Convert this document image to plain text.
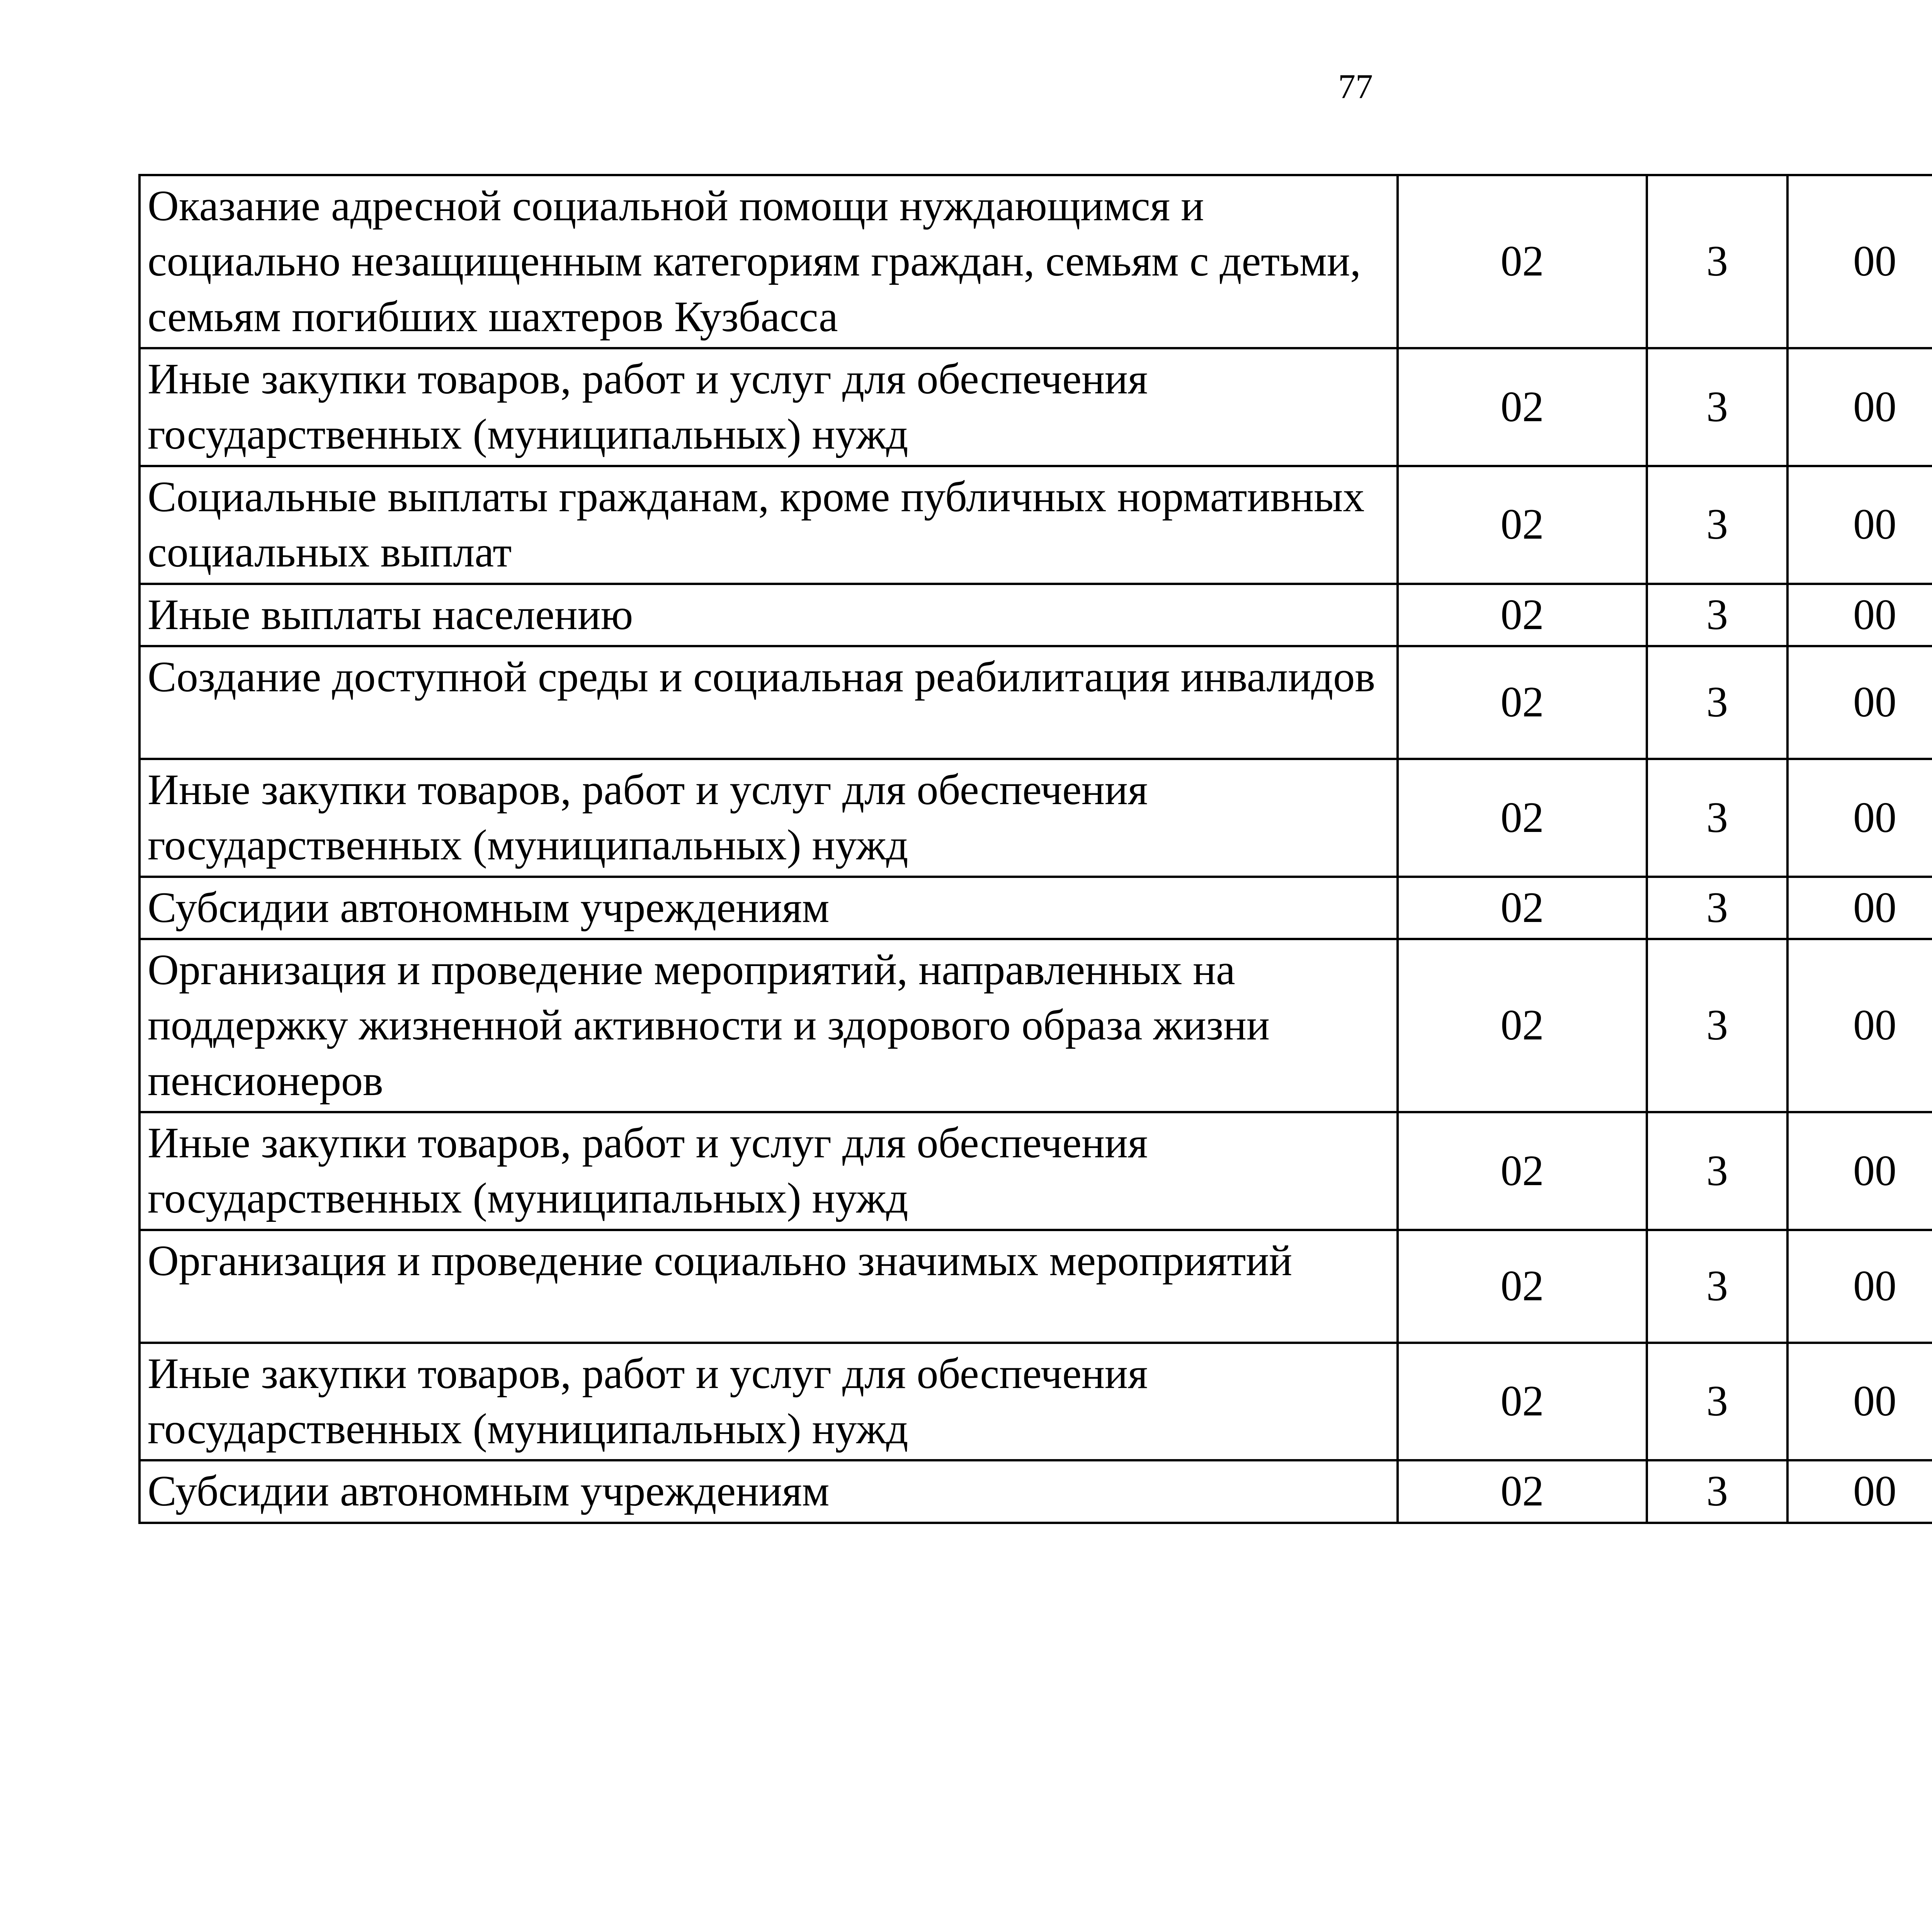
77
Оказание адресной социальной помощи нуждающимся и социально незащищенным категориям граждан, семьям с детьми, семьям погибших шахтеров Кузбасса	02	3	00			
Иные закупки товаров, работ и услуг для обеспечения государственных (муниципальных) нужд	02	3	00			
Социальные выплаты гражданам, кроме публичных нормативных социальных выплат	02	3	00			
Иные выплаты населению	02	3	00			
Создание доступной среды и социальная реабилитация инвалидов	02	3	00			
Иные закупки товаров, работ и услуг для обеспечения государственных (муниципальных) нужд	02	3	00			
Субсидии автономным учреждениям	02	3	00			
Организация и проведение мероприятий, направленных на поддержку жизненной активности и здорового образа жизни пенсионеров	02	3	00			
Иные закупки товаров, работ и услуг для обеспечения государственных (муниципальных) нужд	02	3	00			
Организация и проведение социально значимых мероприятий	02	3	00			
Иные закупки товаров, работ и услуг для обеспечения государственных (муниципальных) нужд	02	3	00			
Субсидии автономным учреждениям	02	3	00			
